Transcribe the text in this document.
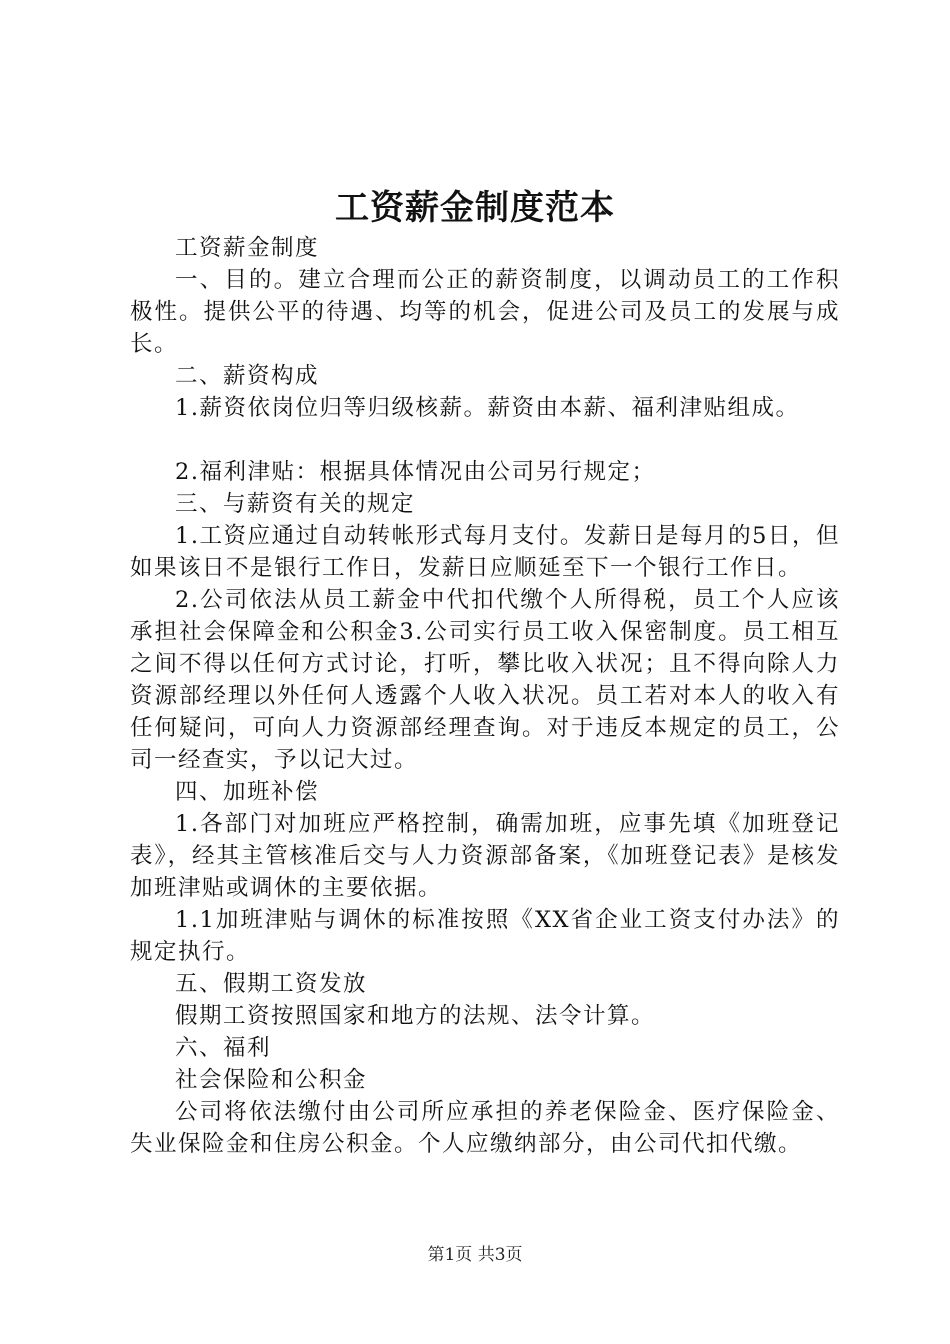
工资薪金制度范本

工资薪金制度

一、目的。建立合理而公正的薪资制度，以调动员工的工作积极性。提供公平的待遇、均等的机会，促进公司及员工的发展与成长。

二、薪资构成

1.薪资依岗位归等归级核薪。薪资由本薪、福利津贴组成。

2.福利津贴：根据具体情况由公司另行规定；

三、与薪资有关的规定

1.工资应通过自动转帐形式每月支付。发薪日是每月的5日，但如果该日不是银行工作日，发薪日应顺延至下一个银行工作日。

2.公司依法从员工薪金中代扣代缴个人所得税，员工个人应该承担社会保障金和公积金3.公司实行员工收入保密制度。员工相互之间不得以任何方式讨论，打听，攀比收入状况；且不得向除人力资源部经理以外任何人透露个人收入状况。员工若对本人的收入有任何疑问，可向人力资源部经理查询。对于违反本规定的员工，公司一经查实，予以记大过。

四、加班补偿

1.各部门对加班应严格控制，确需加班，应事先填《加班登记表》，经其主管核准后交与人力资源部备案，《加班登记表》是核发加班津贴或调休的主要依据。

1.1加班津贴与调休的标准按照《XX省企业工资支付办法》的规定执行。

五、假期工资发放

假期工资按照国家和地方的法规、法令计算。

六、福利

社会保险和公积金

公司将依法缴付由公司所应承担的养老保险金、医疗保险金、失业保险金和住房公积金。个人应缴纳部分，由公司代扣代缴。

第1页 共3页
